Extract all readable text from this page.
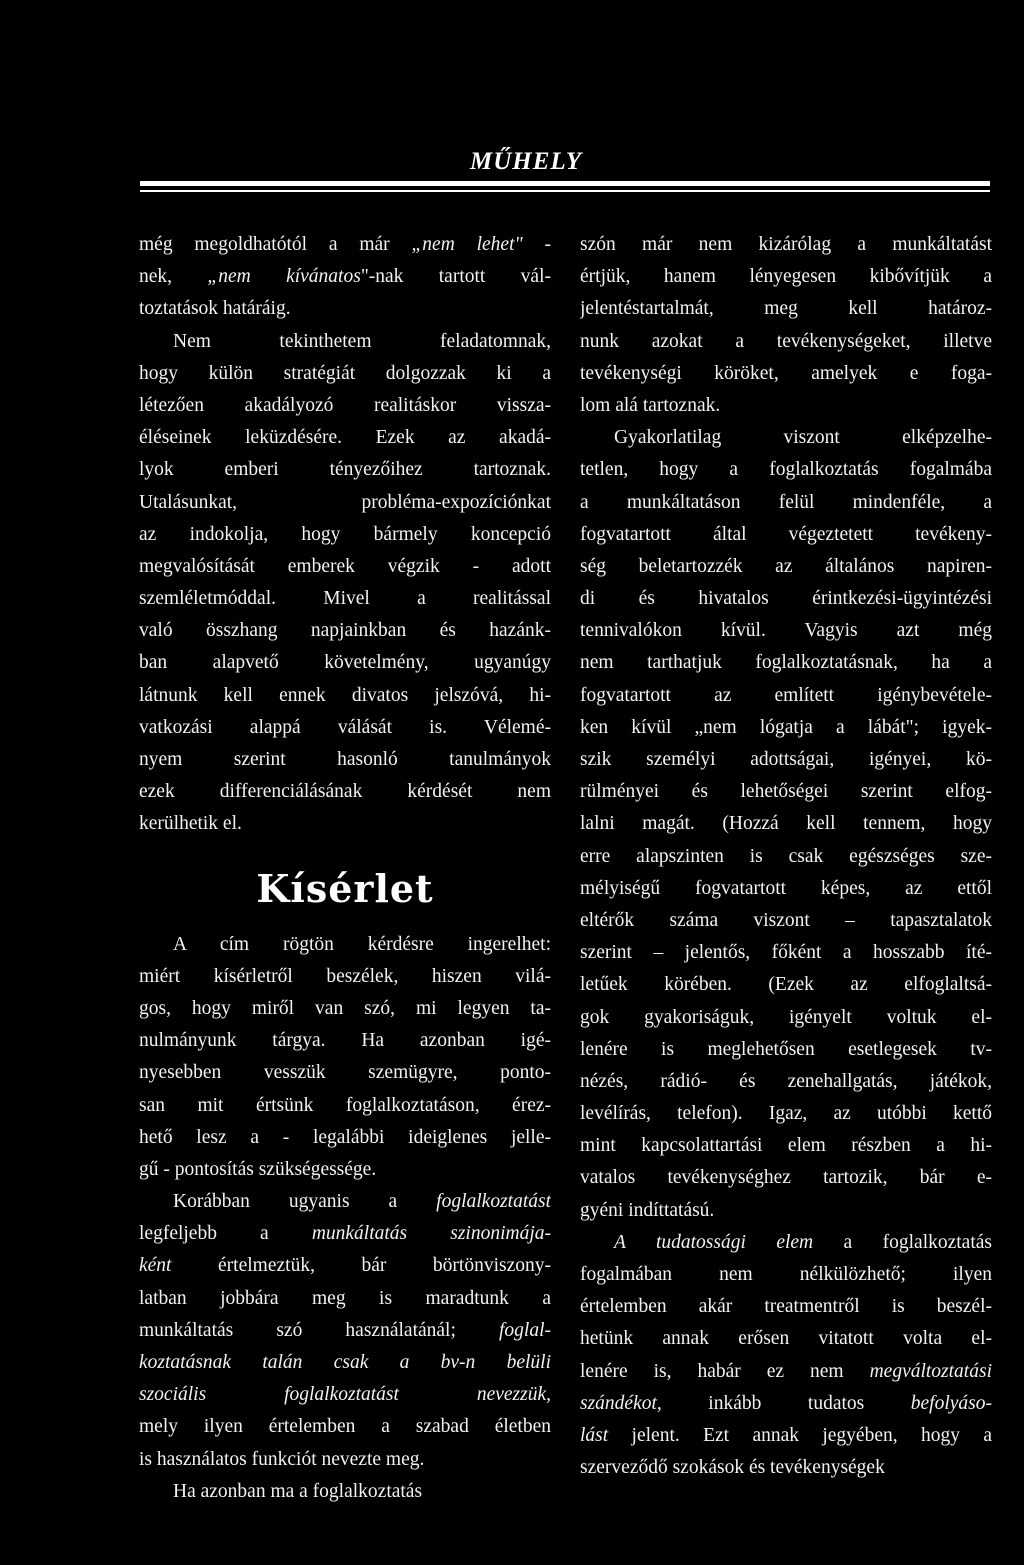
MŰHELY
még megoldhatótól a már „nem lehet" -
nek, „nem kívánatos"-nak tartott vál-
toztatások határáig.
Nem tekinthetem feladatomnak,
hogy külön stratégiát dolgozzak ki a
létezően akadályozó realitáskor vissza-
éléseinek leküzdésére. Ezek az akadá-
lyok emberi tényezőihez tartoznak.
Utalásunkat, probléma-expozíciónkat
az indokolja, hogy bármely koncepció
megvalósítását emberek végzik - adott
szemléletmóddal. Mivel a realitással
való összhang napjainkban és hazánk-
ban alapvető követelmény, ugyanúgy
látnunk kell ennek divatos jelszóvá, hi-
vatkozási alappá válását is. Vélemé-
nyem szerint hasonló tanulmányok
ezek differenciálásának kérdését nem
kerülhetik el.
Kísérlet
A cím rögtön kérdésre ingerelhet:
miért kísérletről beszélek, hiszen vilá-
gos, hogy miről van szó, mi legyen ta-
nulmányunk tárgya. Ha azonban igé-
nyesebben vesszük szemügyre, ponto-
san mit értsünk foglalkoztatáson, érez-
hető lesz a - legalábbi ideiglenes jelle-
gű - pontosítás szükségessége.
Korábban ugyanis a foglalkoztatást
legfeljebb a munkáltatás szinonimája-
ként értelmeztük, bár börtönviszony-
latban jobbára meg is maradtunk a
munkáltatás szó használatánál; foglal-
koztatásnak talán csak a bv-n belüli
szociális foglalkoztatást nevezzük,
mely ilyen értelemben a szabad életben
is használatos funkciót nevezte meg.
Ha azonban ma a foglalkoztatás
szón már nem kizárólag a munkáltatást
értjük, hanem lényegesen kibővítjük a
jelentéstartalmát, meg kell határoz-
nunk azokat a tevékenységeket, illetve
tevékenységi köröket, amelyek e foga-
lom alá tartoznak.
Gyakorlatilag viszont elképzelhe-
tetlen, hogy a foglalkoztatás fogalmába
a munkáltatáson felül mindenféle, a
fogvatartott által végeztetett tevékeny-
ség beletartozzék az általános napiren-
di és hivatalos érintkezési-ügyintézési
tennivalókon kívül. Vagyis azt még
nem tarthatjuk foglalkoztatásnak, ha a
fogvatartott az említett igénybevétele-
ken kívül „nem lógatja a lábát"; igyek-
szik személyi adottságai, igényei, kö-
rülményei és lehetőségei szerint elfog-
lalni magát. (Hozzá kell tennem, hogy
erre alapszinten is csak egészséges sze-
mélyiségű fogvatartott képes, az ettől
eltérők száma viszont – tapasztalatok
szerint – jelentős, főként a hosszabb íté-
letűek körében. (Ezek az elfoglaltsá-
gok gyakoriságuk, igényelt voltuk el-
lenére is meglehetősen esetlegesek tv-
nézés, rádió- és zenehallgatás, játékok,
levélírás, telefon). Igaz, az utóbbi kettő
mint kapcsolattartási elem részben a hi-
vatalos tevékenységhez tartozik, bár e-
gyéni indíttatású.
A tudatossági elem a foglalkoztatás
fogalmában nem nélkülözhető; ilyen
értelemben akár treatmentről is beszél-
hetünk annak erősen vitatott volta el-
lenére is, habár ez nem megváltoztatási
szándékot, inkább tudatos befolyáso-
lást jelent. Ezt annak jegyében, hogy a
szerveződő szokások és tevékenységek
